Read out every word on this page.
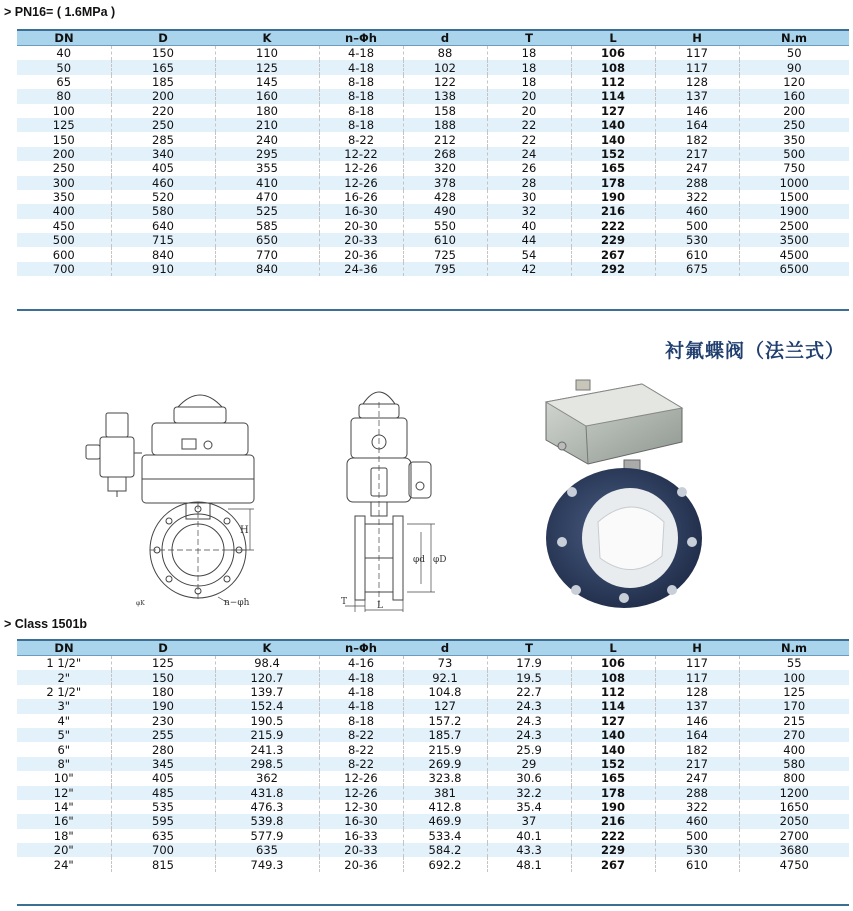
> PN16= ( 1.6MPa )
DN	D	K	n–Φh	d	T	L	H	N.m
40	150	110	4-18	88	18	106	117	50
50	165	125	4-18	102	18	108	117	90
65	185	145	8-18	122	18	112	128	120
80	200	160	8-18	138	20	114	137	160
100	220	180	8-18	158	20	127	146	200
125	250	210	8-18	188	22	140	164	250
150	285	240	8-22	212	22	140	182	350
200	340	295	12-22	268	24	152	217	500
250	405	355	12-26	320	26	165	247	750
300	460	410	12-26	378	28	178	288	1000
350	520	470	16-26	428	30	190	322	1500
400	580	525	16-30	490	32	216	460	1900
450	640	585	20-30	550	40	222	500	2500
500	715	650	20-33	610	44	229	530	3500
600	840	770	20-36	725	54	267	610	4500
700	910	840	24-36	795	42	292	675	6500
衬氟蝶阀（法兰式）
H
n−φh
φK
φd φD
T	L
> Class 1501b
DN	D	K	n–Φh	d	T	L	H	N.m
1 1/2"	125	98.4	4-16	73	17.9	106	117	55
2"	150	120.7	4-18	92.1	19.5	108	117	100
2 1/2"	180	139.7	4-18	104.8	22.7	112	128	125
3"	190	152.4	4-18	127	24.3	114	137	170
4"	230	190.5	8-18	157.2	24.3	127	146	215
5"	255	215.9	8-22	185.7	24.3	140	164	270
6"	280	241.3	8-22	215.9	25.9	140	182	400
8"	345	298.5	8-22	269.9	29	152	217	580
10"	405	362	12-26	323.8	30.6	165	247	800
12"	485	431.8	12-26	381	32.2	178	288	1200
14"	535	476.3	12-30	412.8	35.4	190	322	1650
16"	595	539.8	16-30	469.9	37	216	460	2050
18"	635	577.9	16-33	533.4	40.1	222	500	2700
20"	700	635	20-33	584.2	43.3	229	530	3680
24"	815	749.3	20-36	692.2	48.1	267	610	4750
